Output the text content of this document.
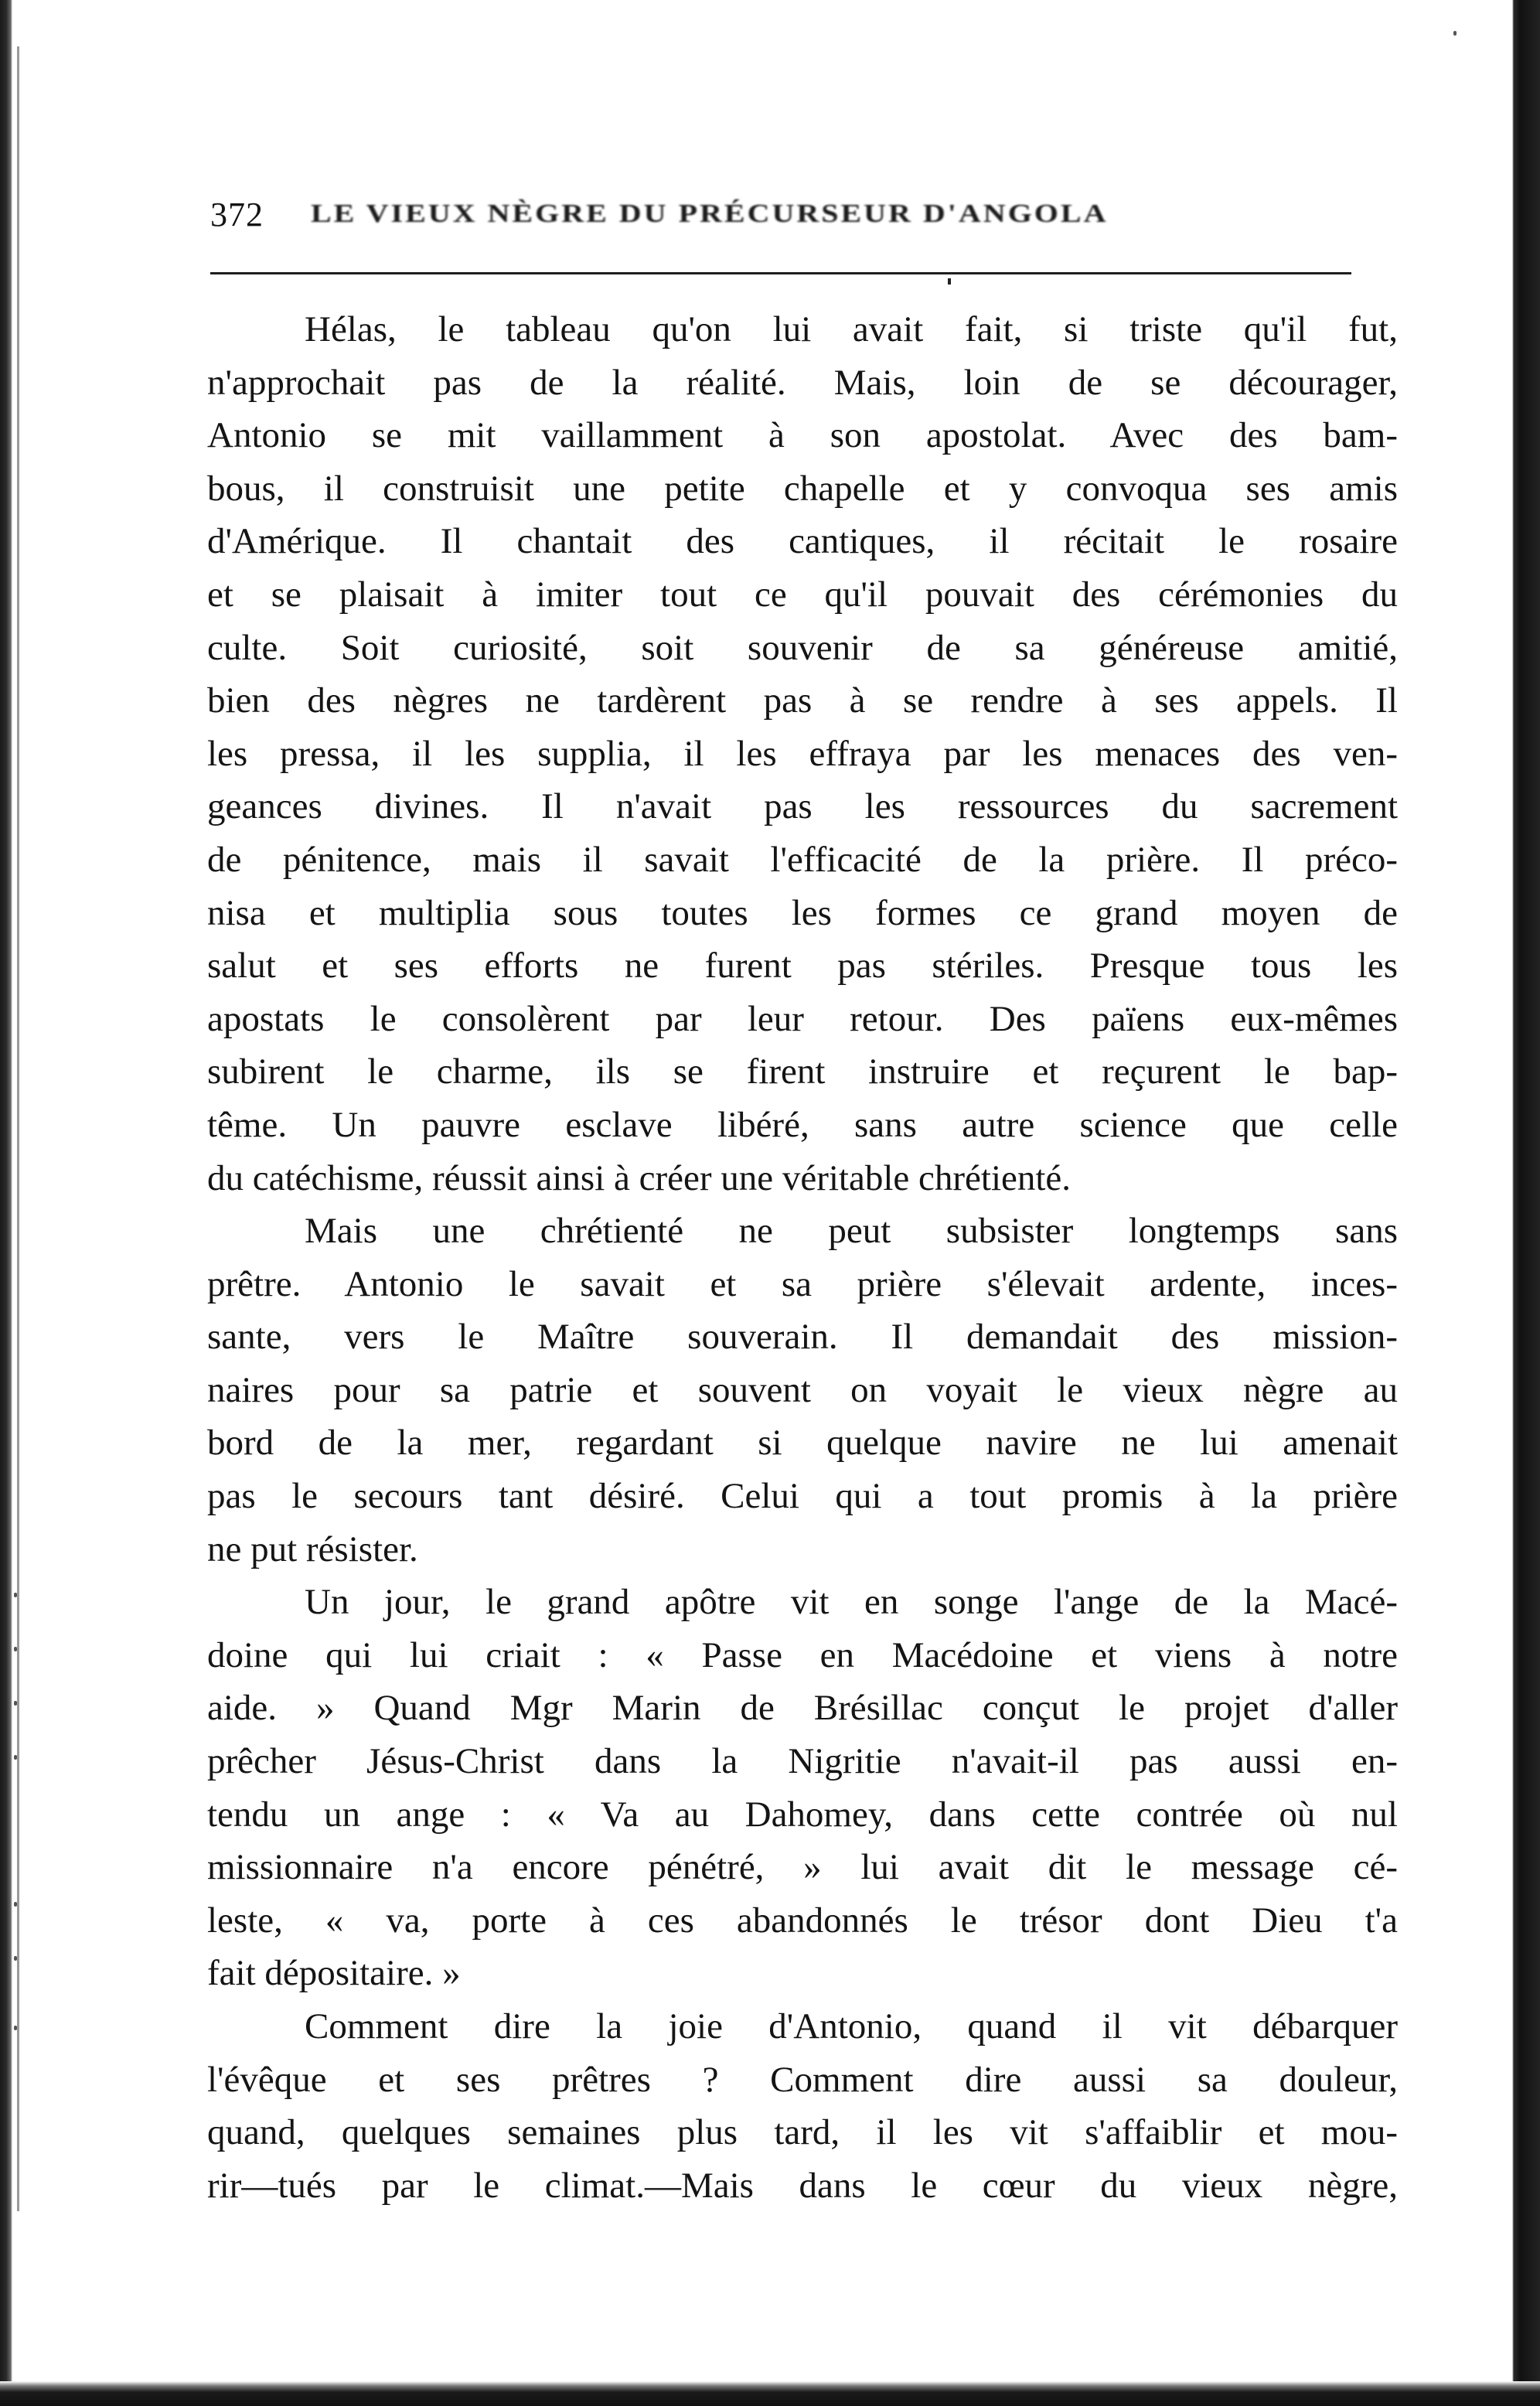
372 LE VIEUX NÈGRE DU PRÉCURSEUR D'ANGOLA
Hélas, le tableau qu'on lui avait fait, si triste qu'il fut,
n'approchait pas de la réalité. Mais, loin de se décourager,
Antonio se mit vaillamment à son apostolat. Avec des bam-
bous, il construisit une petite chapelle et y convoqua ses amis
d'Amérique. Il chantait des cantiques, il récitait le rosaire
et se plaisait à imiter tout ce qu'il pouvait des cérémonies du
culte. Soit curiosité, soit souvenir de sa généreuse amitié,
bien des nègres ne tardèrent pas à se rendre à ses appels. Il
les pressa, il les supplia, il les effraya par les menaces des ven-
geances divines. Il n'avait pas les ressources du sacrement
de pénitence, mais il savait l'efficacité de la prière. Il préco-
nisa et multiplia sous toutes les formes ce grand moyen de
salut et ses efforts ne furent pas stériles. Presque tous les
apostats le consolèrent par leur retour. Des païens eux-mêmes
subirent le charme, ils se firent instruire et reçurent le bap-
tême. Un pauvre esclave libéré, sans autre science que celle
du catéchisme, réussit ainsi à créer une véritable chrétienté.
Mais une chrétienté ne peut subsister longtemps sans
prêtre. Antonio le savait et sa prière s'élevait ardente, inces-
sante, vers le Maître souverain. Il demandait des mission-
naires pour sa patrie et souvent on voyait le vieux nègre au
bord de la mer, regardant si quelque navire ne lui amenait
pas le secours tant désiré. Celui qui a tout promis à la prière
ne put résister.
Un jour, le grand apôtre vit en songe l'ange de la Macé-
doine qui lui criait : « Passe en Macédoine et viens à notre
aide. » Quand Mgr Marin de Brésillac conçut le projet d'aller
prêcher Jésus-Christ dans la Nigritie n'avait-il pas aussi en-
tendu un ange : « Va au Dahomey, dans cette contrée où nul
missionnaire n'a encore pénétré, » lui avait dit le message cé-
leste, « va, porte à ces abandonnés le trésor dont Dieu t'a
fait dépositaire. »
Comment dire la joie d'Antonio, quand il vit débarquer
l'évêque et ses prêtres ? Comment dire aussi sa douleur,
quand, quelques semaines plus tard, il les vit s'affaiblir et mou-
rir—tués par le climat.—Mais dans le cœur du vieux nègre,
